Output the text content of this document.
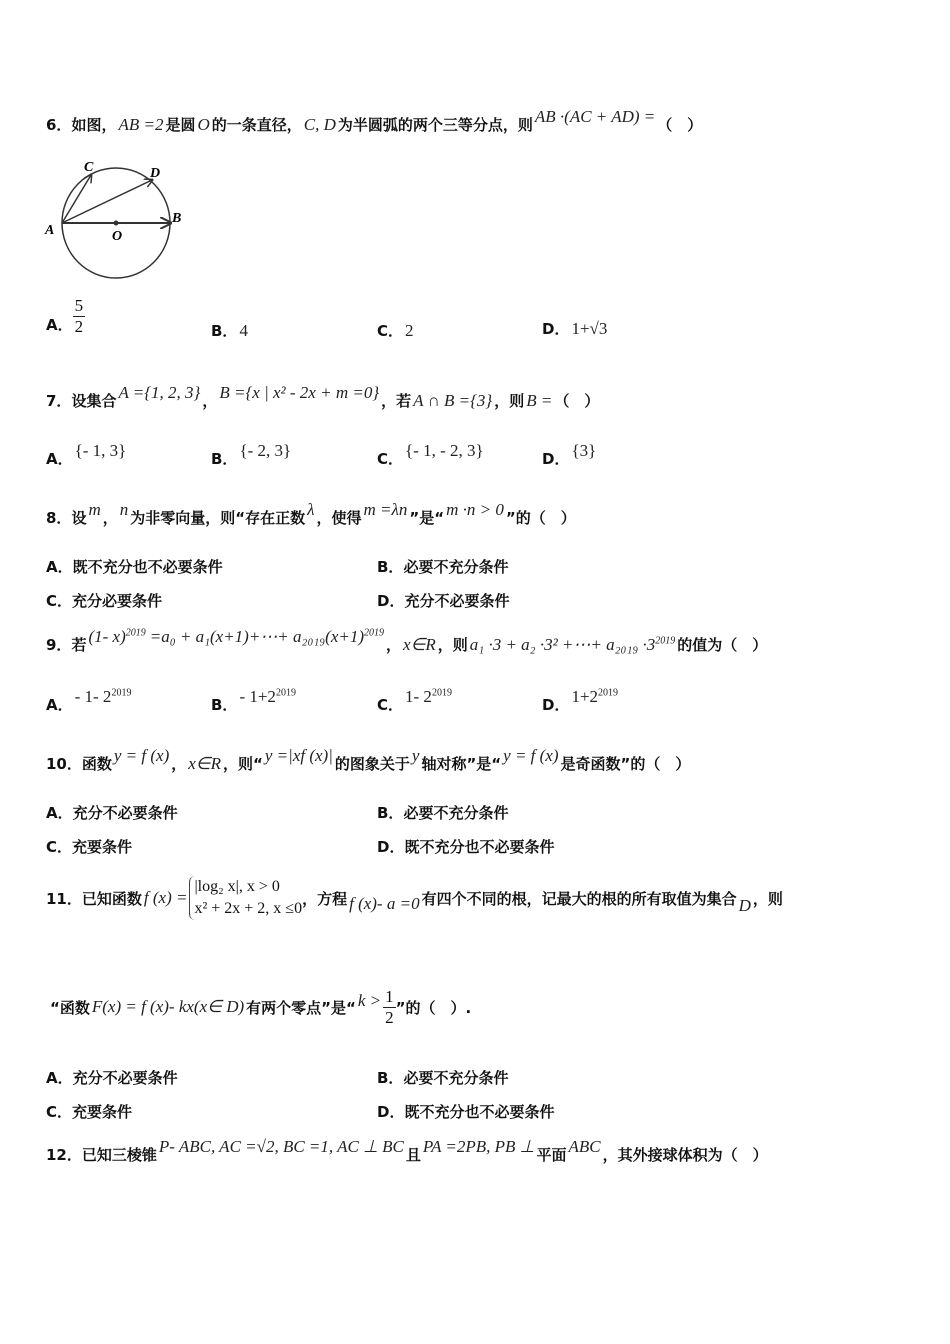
6． 如图， AB =2 是圆 O 的一条直径， C, D 为半圆弧的两个三等分点，则 AB ·(AC + AD) = （　）
C	D
A	O
B
A． $\frac{5}{2}$	B． 4	C． 2	D． 1+√3
7． 设集合 A ={1, 2, 3} ， B ={x | x² - 2x + m =0} ，若 A ∩ B ={3} ，则 B = （　）
A． {- 1, 3}	B． {- 2, 3}	C． {- 1, - 2, 3}	D． {3}
8． 设 m ， n 为非零向量，则“存在正数 λ ，使得 m =λn ”是“ m ·n > 0 ”的（　）
A． 既不充分也不必要条件	B． 必要不充分条件
C． 充分必要条件	D． 充分不必要条件
9． 若 (1- x)$^{2019}$ =a₀ + a₁(x+1)+⋯+ $a_{2019}(x+1)^{2019}$
， x∈R ，则 a₁ ·3 + a₂ ·3² +⋯+ $a_{2019} \cdot 3^{2019}$ 的值为（　）
A． - 1- $2^{2019}$
B． - $1+2^{2019}$
C． 1- $2^{2019}$
D． $1+2^{2019}$
10． 函数 y = f (x) ， x∈R ，则“ y =|xf (x)| 的图象关于 y 轴对称”是“ y = f (x) 是奇函数”的（　）
A． 充分不必要条件	B． 必要不充分条件
C． 充要条件	D． 既不充分也不必要条件
11． 已知函数 f (x) =
|log₂ x|, x > 0
x² + 2x + 2, x ≤0
，方程 f (x)- a =0 有四个不同的根，记最大的根的所有取值为集合 D ，则
“函数 F(x) = f (x)- kx(x∈ D) 有两个零点”是“ $k > \frac{1}{2}$ ”的（　）.
A． 充分不必要条件	B． 必要不充分条件
C． 充要条件	D． 既不充分也不必要条件
12． 已知三棱锥 P- ABC, AC =√2, BC =1, AC ⊥ BC 且 PA =2PB, PB ⊥ 平面 ABC ，其外接球体积为（　）
